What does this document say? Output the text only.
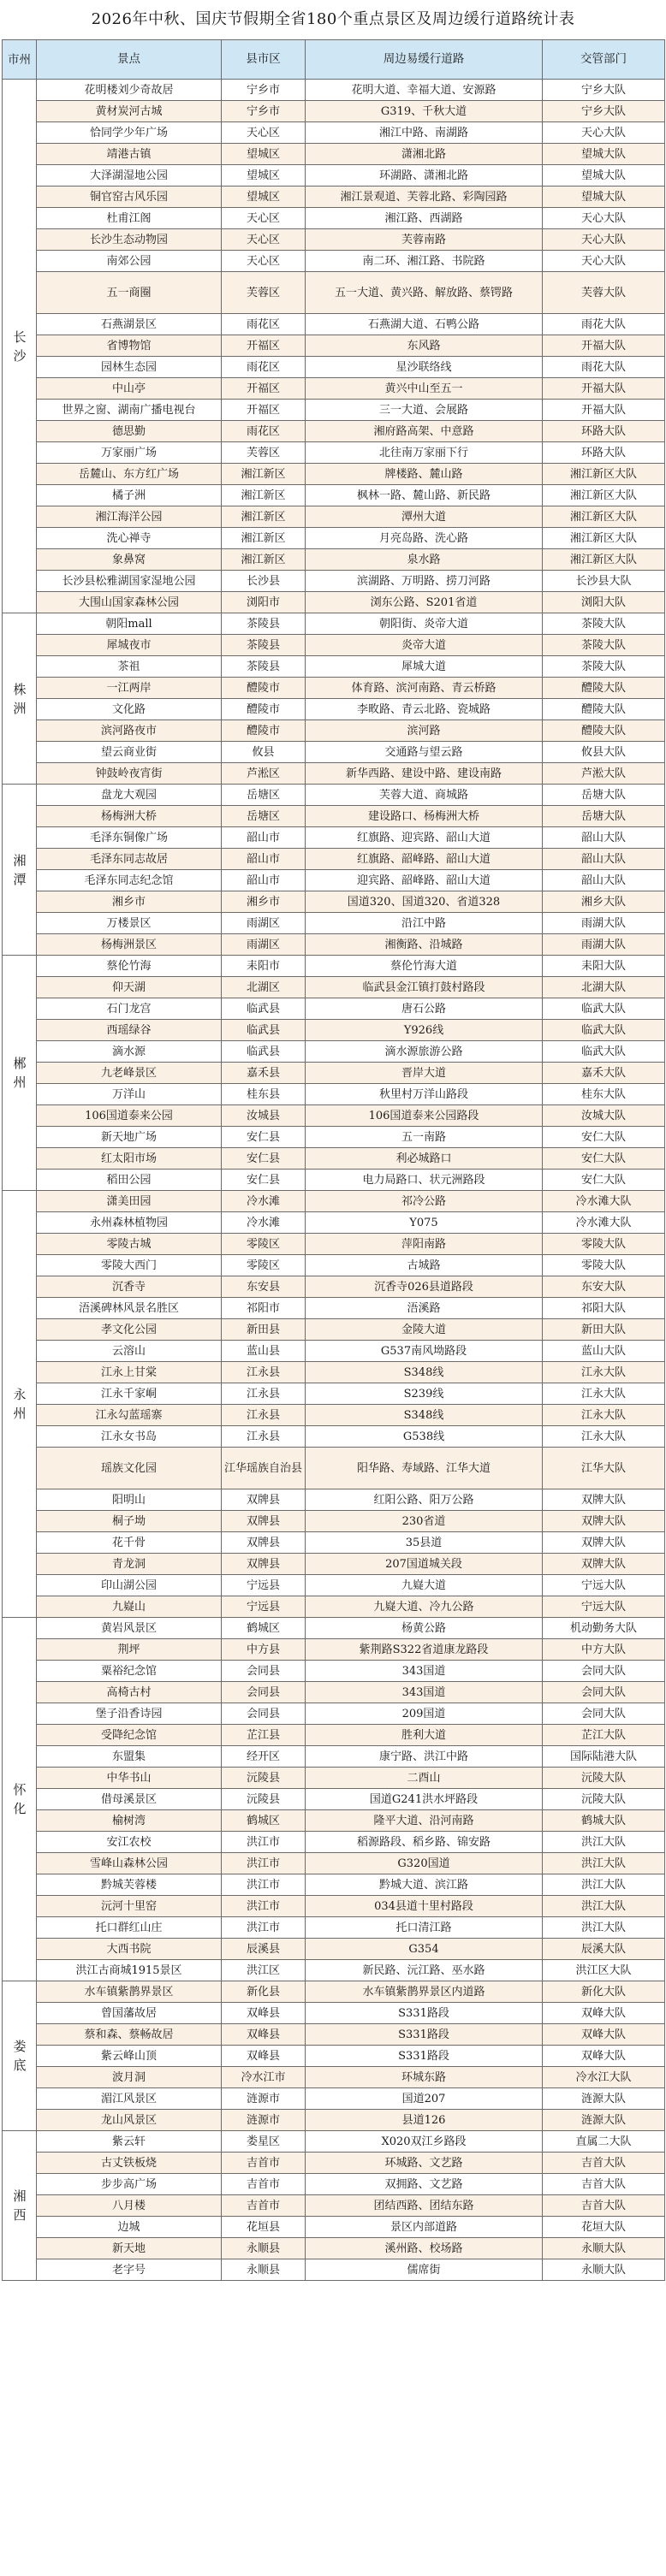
2026年中秋、国庆节假期全省180个重点景区及周边缓行道路统计表
市州	景点	县市区	周边易缓行道路	交管部门
长沙	花明楼刘少奇故居	宁乡市	花明大道、幸福大道、安源路	宁乡大队
	黄材炭河古城	宁乡市	G319、千秋大道	宁乡大队
	恰同学少年广场	天心区	湘江中路、南湖路	天心大队
	靖港古镇	望城区	潇湘北路	望城大队
	大泽湖湿地公园	望城区	环湖路、潇湘北路	望城大队
	铜官窑古风乐园	望城区	湘江景观道、芙蓉北路、彩陶园路	望城大队
	杜甫江阁	天心区	湘江路、西湖路	天心大队
	长沙生态动物园	天心区	芙蓉南路	天心大队
	南郊公园	天心区	南二环、湘江路、书院路	天心大队
	五一商圈	芙蓉区	五一大道、黄兴路、解放路、蔡锷路	芙蓉大队
	石燕湖景区	雨花区	石燕湖大道、石鸭公路	雨花大队
	省博物馆	开福区	东风路	开福大队
	园林生态园	雨花区	星沙联络线	雨花大队
	中山亭	开福区	黄兴中山至五一	开福大队
	世界之窗、湖南广播电视台	开福区	三一大道、会展路	开福大队
	德思勤	雨花区	湘府路高架、中意路	环路大队
	万家丽广场	芙蓉区	北往南万家丽下行	环路大队
	岳麓山、东方红广场	湘江新区	牌楼路、麓山路	湘江新区大队
	橘子洲	湘江新区	枫林一路、麓山路、新民路	湘江新区大队
	湘江海洋公园	湘江新区	潭州大道	湘江新区大队
	洗心禅寺	湘江新区	月亮岛路、洗心路	湘江新区大队
	象鼻窝	湘江新区	泉水路	湘江新区大队
	长沙县松雅湖国家湿地公园	长沙县	滨湖路、万明路、捞刀河路	长沙县大队
	大围山国家森林公园	浏阳市	浏东公路、S201省道	浏阳大队
株洲	朝阳mall	茶陵县	朝阳街、炎帝大道	茶陵大队
	犀城夜市	茶陵县	炎帝大道	茶陵大队
	茶祖	茶陵县	犀城大道	茶陵大队
	一江两岸	醴陵市	体育路、滨河南路、青云桥路	醴陵大队
	文化路	醴陵市	李畋路、青云北路、瓷城路	醴陵大队
	滨河路夜市	醴陵市	滨河路	醴陵大队
	望云商业街	攸县	交通路与望云路	攸县大队
	钟鼓岭夜宵街	芦淞区	新华西路、建设中路、建设南路	芦淞大队
湘潭	盘龙大观园	岳塘区	芙蓉大道、商城路	岳塘大队
	杨梅洲大桥	岳塘区	建设路口、杨梅洲大桥	岳塘大队
	毛泽东铜像广场	韶山市	红旗路、迎宾路、韶山大道	韶山大队
	毛泽东同志故居	韶山市	红旗路、韶峰路、韶山大道	韶山大队
	毛泽东同志纪念馆	韶山市	迎宾路、韶峰路、韶山大道	韶山大队
	湘乡市	湘乡市	国道320、国道320、省道328	湘乡大队
	万楼景区	雨湖区	沿江中路	雨湖大队
	杨梅洲景区	雨湖区	湘衡路、沿城路	雨湖大队
郴州	蔡伦竹海	耒阳市	蔡伦竹海大道	耒阳大队
	仰天湖	北湖区	临武县金江镇打鼓村路段	北湖大队
	石门龙宫	临武县	唐石公路	临武大队
	西瑶绿谷	临武县	Y926线	临武大队
	滴水源	临武县	滴水源旅游公路	临武大队
	九老峰景区	嘉禾县	晋岸大道	嘉禾大队
	万洋山	桂东县	秋里村万洋山路段	桂东大队
	106国道泰来公园	汝城县	106国道泰来公园路段	汝城大队
	新天地广场	安仁县	五一南路	安仁大队
	红太阳市场	安仁县	利必城路口	安仁大队
	稻田公园	安仁县	电力局路口、状元洲路段	安仁大队
永州	潇美田园	冷水滩	祁冷公路	冷水滩大队
	永州森林植物园	冷水滩	Y075	冷水滩大队
	零陵古城	零陵区	萍阳南路	零陵大队
	零陵大西门	零陵区	古城路	零陵大队
	沉香寺	东安县	沉香寺026县道路段	东安大队
	浯溪碑林风景名胜区	祁阳市	浯溪路	祁阳大队
	孝文化公园	新田县	金陵大道	新田大队
	云溶山	蓝山县	G537南风坳路段	蓝山大队
	江永上甘棠	江永县	S348线	江永大队
	江永千家峒	江永县	S239线	江永大队
	江永勾蓝瑶寨	江永县	S348线	江永大队
	江永女书岛	江永县	G538线	江永大队
	瑶族文化园	江华瑶族自治县	阳华路、寿域路、江华大道	江华大队
	阳明山	双牌县	红阳公路、阳万公路	双牌大队
	桐子坳	双牌县	230省道	双牌大队
	花千骨	双牌县	35县道	双牌大队
	青龙洞	双牌县	207国道城关段	双牌大队
	印山湖公园	宁远县	九嶷大道	宁远大队
	九嶷山	宁远县	九嶷大道、冷九公路	宁远大队
怀化	黄岩风景区	鹤城区	杨黄公路	机动勤务大队
	荆坪	中方县	紫荆路S322省道康龙路段	中方大队
	粟裕纪念馆	会同县	343国道	会同大队
	高椅古村	会同县	343国道	会同大队
	堡子沿香诗园	会同县	209国道	会同大队
	受降纪念馆	芷江县	胜利大道	芷江大队
	东盟集	经开区	康宁路、洪江中路	国际陆港大队
	中华书山	沅陵县	二酉山	沅陵大队
	借母溪景区	沅陵县	国道G241洪水坪路段	沅陵大队
	榆树湾	鹤城区	隆平大道、沿河南路	鹤城大队
	安江农校	洪江市	稻源路段、稻乡路、锦安路	洪江大队
	雪峰山森林公园	洪江市	G320国道	洪江大队
	黔城芙蓉楼	洪江市	黔城大道、滨江路	洪江大队
	沅河十里窑	洪江市	034县道十里村路段	洪江大队
	托口群红山庄	洪江市	托口清江路	洪江大队
	大西书院	辰溪县	G354	辰溪大队
	洪江古商城1915景区	洪江区	新民路、沅江路、巫水路	洪江区大队
娄底	水车镇紫鹊界景区	新化县	水车镇紫鹊界景区内道路	新化大队
	曾国藩故居	双峰县	S331路段	双峰大队
	蔡和森、蔡畅故居	双峰县	S331路段	双峰大队
	紫云峰山顶	双峰县	S331路段	双峰大队
	波月洞	冷水江市	环城东路	冷水江大队
	湄江风景区	涟源市	国道207	涟源大队
	龙山风景区	涟源市	县道126	涟源大队
湘西	紫云轩	娄星区	X020双江乡路段	直属二大队
	古丈铁板烧	吉首市	环城路、文艺路	吉首大队
	步步高广场	吉首市	双拥路、文艺路	吉首大队
	八月楼	吉首市	团结西路、团结东路	吉首大队
	边城	花垣县	景区内部道路	花垣大队
	新天地	永顺县	溪州路、校场路	永顺大队
	老字号	永顺县	儒席街	永顺大队
